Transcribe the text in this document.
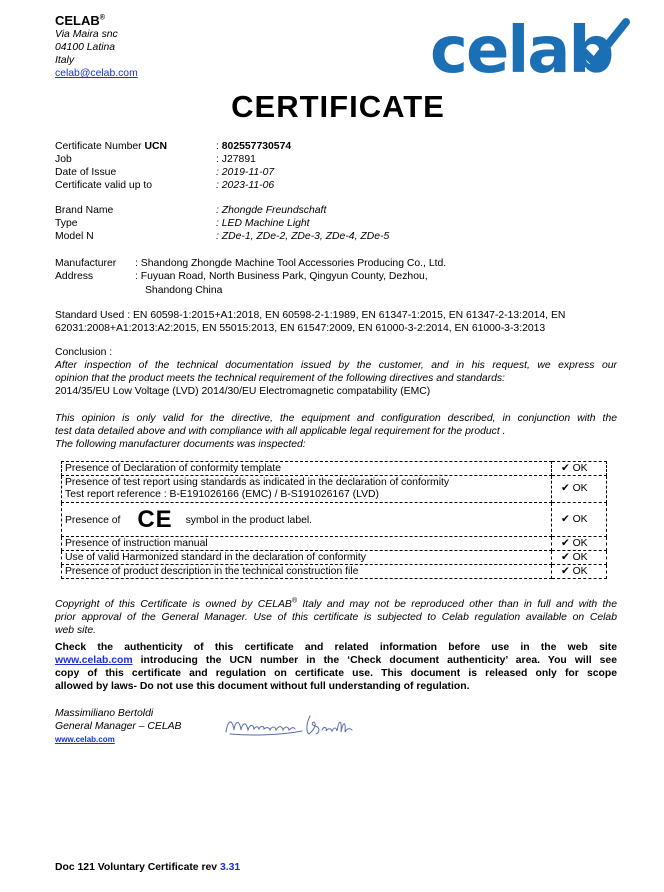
CELAB®
Via Maira snc
04100 Latina
Italy
celab@celab.com	celab
CERTIFICATE
Certificate Number UCN	: 802557730574
Job	: J27891
Date of Issue	: 2019-11-07
Certificate valid up to	: 2023-11-06
Brand Name	: Zhongde Freundschaft
Type	: LED Machine Light
Model N	: ZDe-1, ZDe-2, ZDe-3, ZDe-4, ZDe-5
Manufacturer : Shandong Zhongde Machine Tool Accessories Producing Co., Ltd.
Address	: Fuyuan Road, North Business Park, Qingyun County, Dezhou,
Shandong China
Standard Used : EN 60598-1:2015+A1:2018, EN 60598-2-1:1989, EN 61347-1:2015, EN 61347-2-13:2014, EN
62031:2008+A1:2013:A2:2015, EN 55015:2013, EN 61547:2009, EN 61000-3-2:2014, EN 61000-3-3:2013
Conclusion :
After inspection of the technical documentation issued by the customer, and in his request, we express our
opinion that the product meets the technical requirement of the following directives and standards:
2014/35/EU Low Voltage (LVD) 2014/30/EU Electromagnetic compatability (EMC)
This opinion is only valid for the directive, the equipment and configuration described, in conjunction with the
test data detailed above and with compliance with all applicable legal requirement for the product .
The following manufacturer documents was inspected:
Presence of Declaration of conformity template	✔ OK

Presence of test report using standards as indicated in the declaration of conformity
Test report reference : B-E191026166 (EMC) / B-S191026167 (LVD)	✔ OK
Presence of CE symbol in the product label.	✔ OK
Presence of instruction manual	✔ OK
Use of valid Harmonized standard in the declaration of conformity	✔ OK
Presence of product description in the technical construction file	✔ OK
Copyright of this Certificate is owned by CELAB® Italy and may not be reproduced other than in full and with the
prior approval of the General Manager. Use of this certificate is subjected to Celab regulation available on Celab
web site.
Check the authenticity of this certificate and related information before use in the web site
www.celab.com introducing the UCN number in the ‘Check document authenticity’ area. You will see
copy of this certificate and regulation on certificate use. This document is released only for scope
allowed by laws- Do not use this document without full understanding of regulation.
Massimiliano Bertoldi
General Manager – CELAB
www.celab.com
Doc 121 Voluntary Certificate rev 3.31
